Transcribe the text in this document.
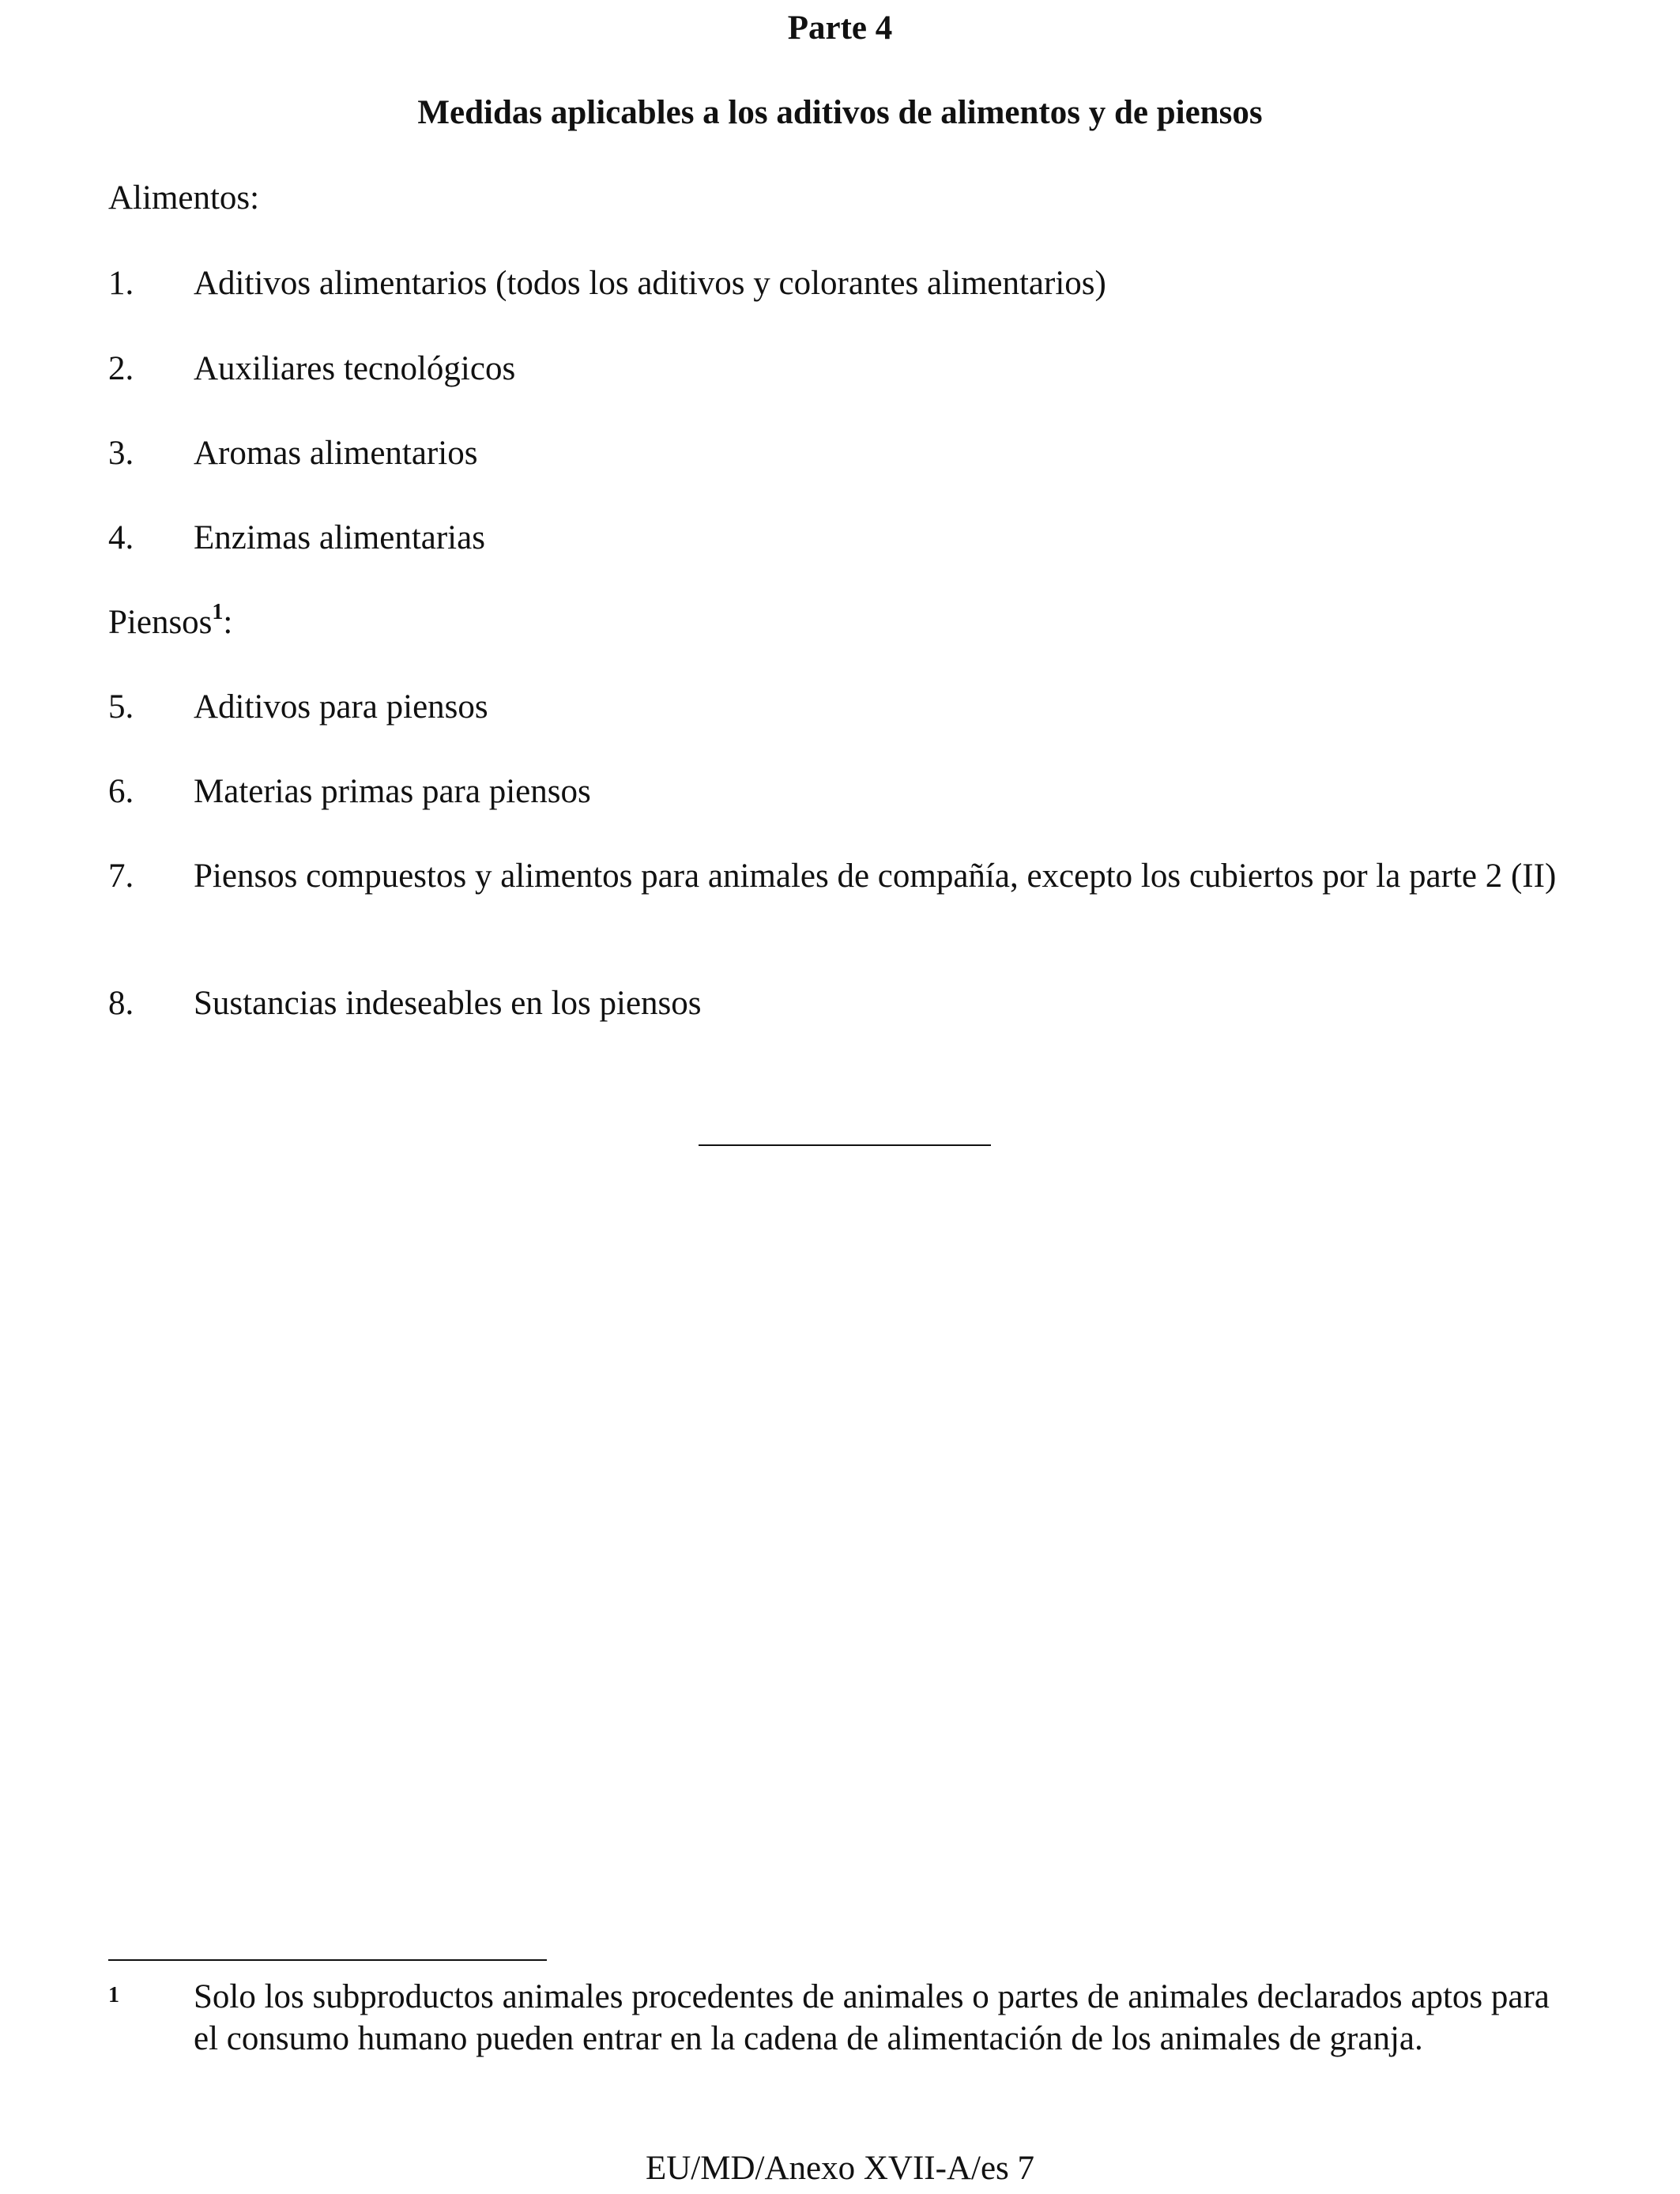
Parte 4
Medidas aplicables a los aditivos de alimentos y de piensos
Alimentos:
1.	Aditivos alimentarios (todos los aditivos y colorantes alimentarios)
2.	Auxiliares tecnológicos
3.	Aromas alimentarios
4.	Enzimas alimentarias
Piensos$^1$:
5.	Aditivos para piensos
6.	Materias primas para piensos
7.	Piensos compuestos y alimentos para animales de compañía, excepto los cubiertos por la parte 2 (II)
8.	Sustancias indeseables en los piensos
1 Solo los subproductos animales procedentes de animales o partes de animales declarados aptos para el consumo humano pueden entrar en la cadena de alimentación de los animales de granja.
EU/MD/Anexo XVII-A/es 7
